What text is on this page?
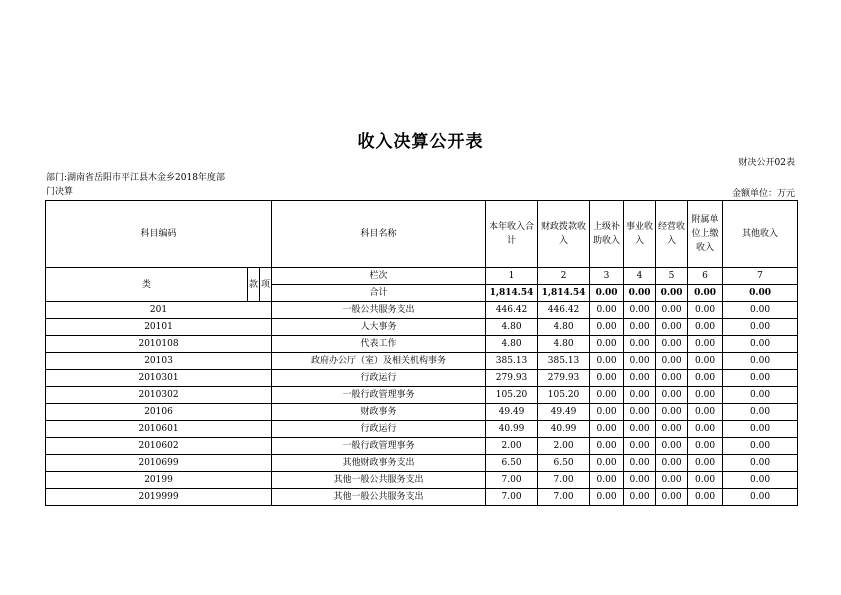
收入决算公开表
财决公开02表
部门:湖南省岳阳市平江县木金乡2018年度部
门决算	金额单位：万元
科目编码			科目名称	本年收入合计	财政拨款收入	上级补助收入	事业收入	经营收入	附属单位上缴收入	其他收入
类	款	项	栏次	1	2	3	4	5	6	7
			合计	1,814.54	1,814.54	0.00	0.00	0.00	0.00	0.00
201			一般公共服务支出	446.42	446.42	0.00	0.00	0.00	0.00	0.00
20101			人大事务	4.80	4.80	0.00	0.00	0.00	0.00	0.00
2010108			代表工作	4.80	4.80	0.00	0.00	0.00	0.00	0.00
20103			政府办公厅（室）及相关机构事务	385.13	385.13	0.00	0.00	0.00	0.00	0.00
2010301			行政运行	279.93	279.93	0.00	0.00	0.00	0.00	0.00
2010302			一般行政管理事务	105.20	105.20	0.00	0.00	0.00	0.00	0.00
20106			财政事务	49.49	49.49	0.00	0.00	0.00	0.00	0.00
2010601			行政运行	40.99	40.99	0.00	0.00	0.00	0.00	0.00
2010602			一般行政管理事务	2.00	2.00	0.00	0.00	0.00	0.00	0.00
2010699			其他财政事务支出	6.50	6.50	0.00	0.00	0.00	0.00	0.00
20199			其他一般公共服务支出	7.00	7.00	0.00	0.00	0.00	0.00	0.00
2019999			其他一般公共服务支出	7.00	7.00	0.00	0.00	0.00	0.00	0.00
